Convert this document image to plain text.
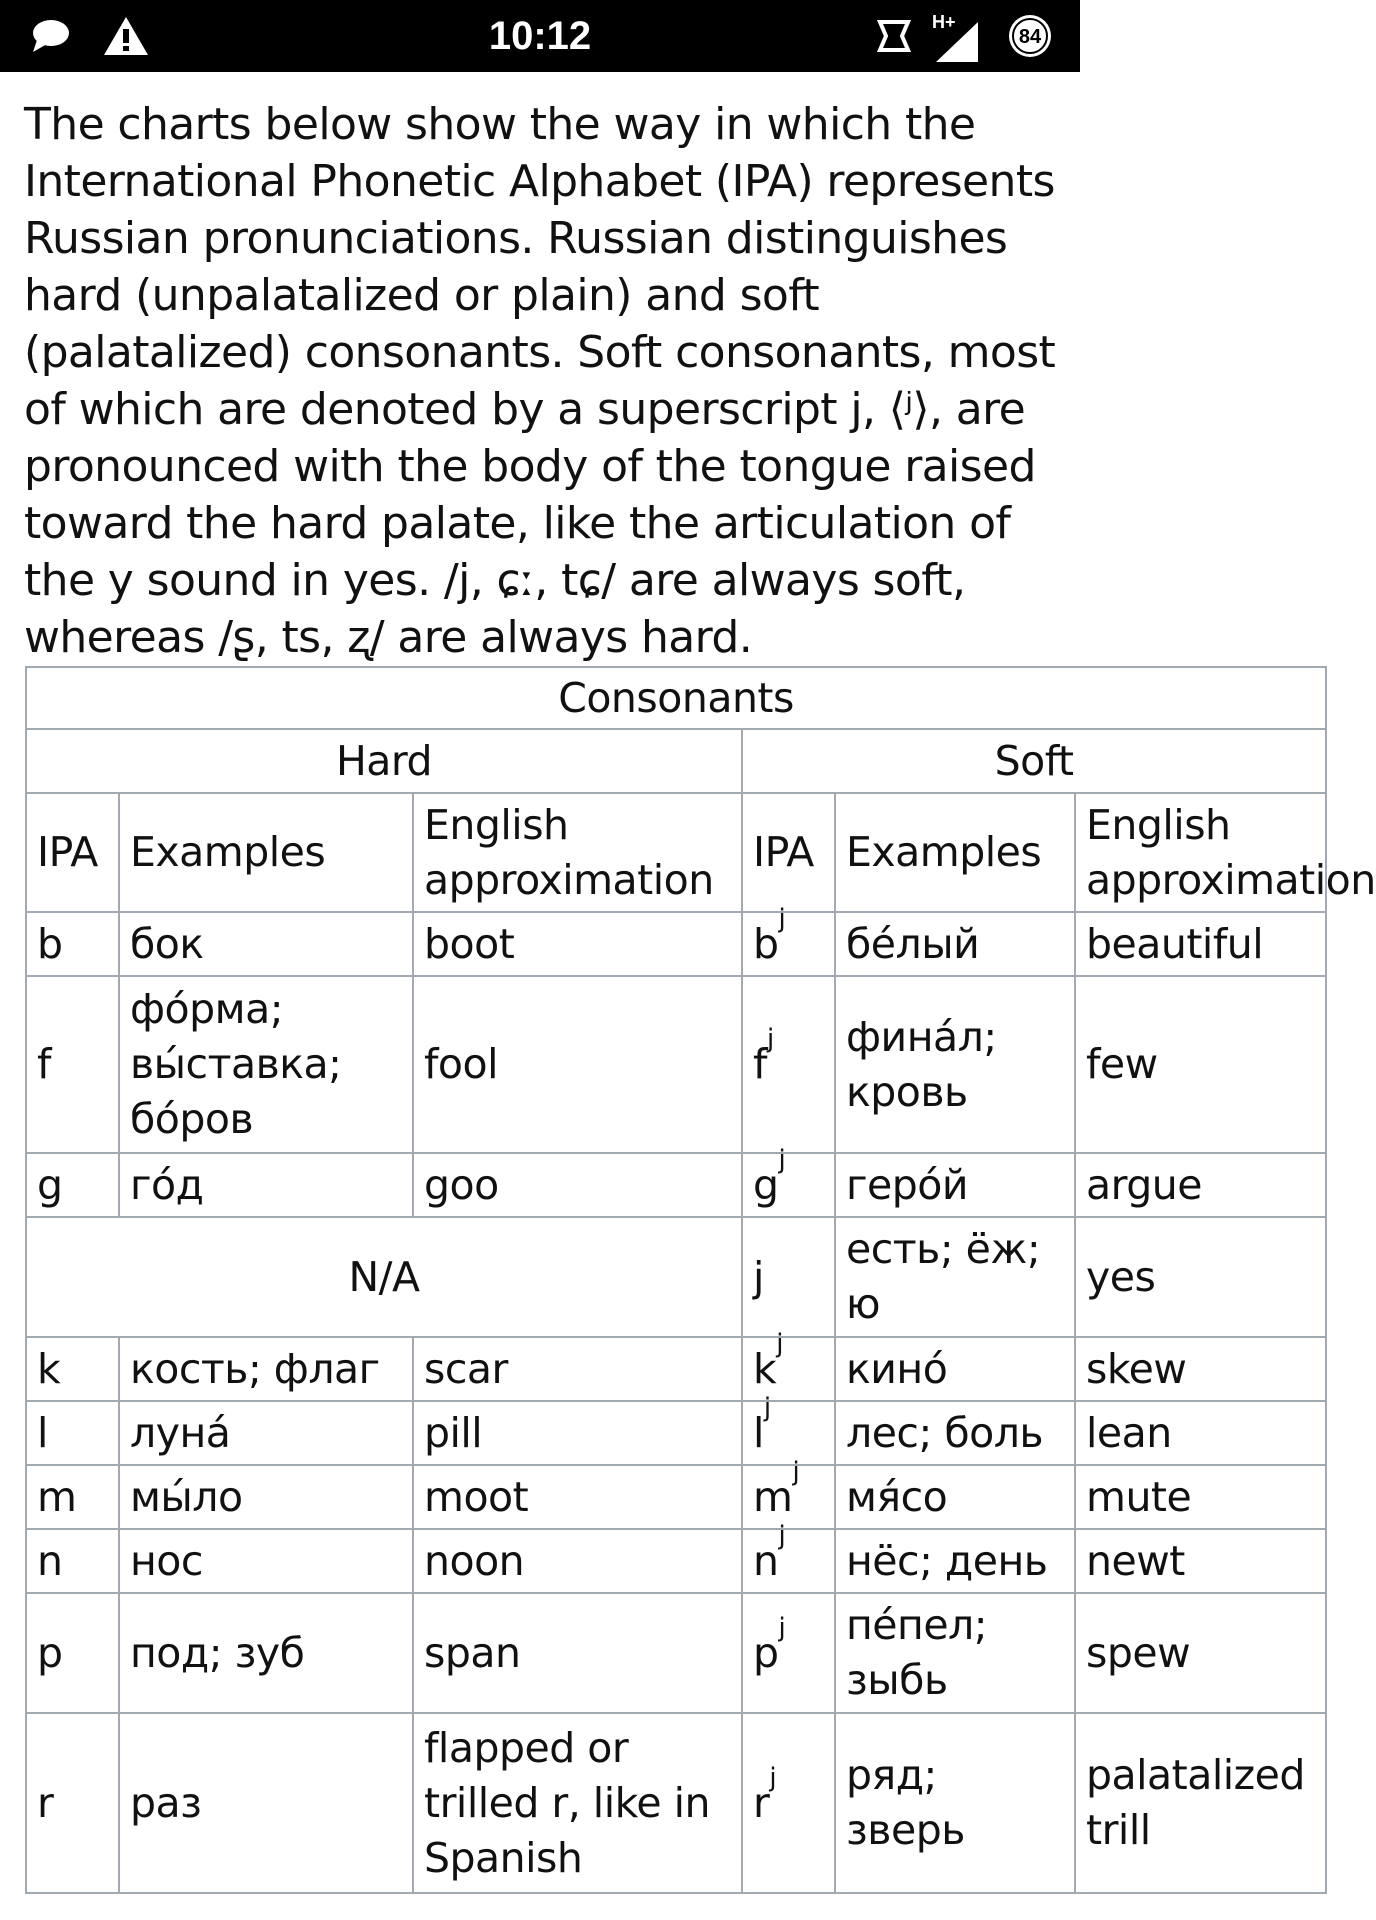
10:12	H+
84

The charts below show the way in which the International Phonetic Alphabet (IPA) represents Russian pronunciations. Russian distinguishes hard (unpalatalized or plain) and soft (palatalized) consonants. Soft consonants, most of which are denoted by a superscript j, ⟨ʲ⟩, are pronounced with the body of the tongue raised toward the hard palate, like the articulation of the y sound in yes. /j, ɕː, tɕ/ are always soft, whereas /ʂ, ts, ʐ/ are always hard.

Consonants					
Hard			Soft		
IPA	Examples	English approximation	IPA	Examples	English approximation
b	бок	boot	$b^j$	бе́лый	beautiful
f	фо́рма; вы́ставка; бо́ров	fool	$f^j$	фина́л; кровь	few
g	го́д	goo	$g^j$	геро́й	argue
N/A			j	есть; ёж; ю	yes
k	кость; флаг	scar	$k^j$	кино́	skew
l	луна́	pill	$l^j$	лес; боль	lean
m	мы́ло	moot	$m^j$	мя́со	mute
n	нос	noon	$n^j$	нёс; день	newt
p	под; зуб	span	$p^j$	пе́пел; зыбь	spew
r	раз	flapped or trilled r, like in Spanish	$r^j$	ряд; зверь	palatalized trill
